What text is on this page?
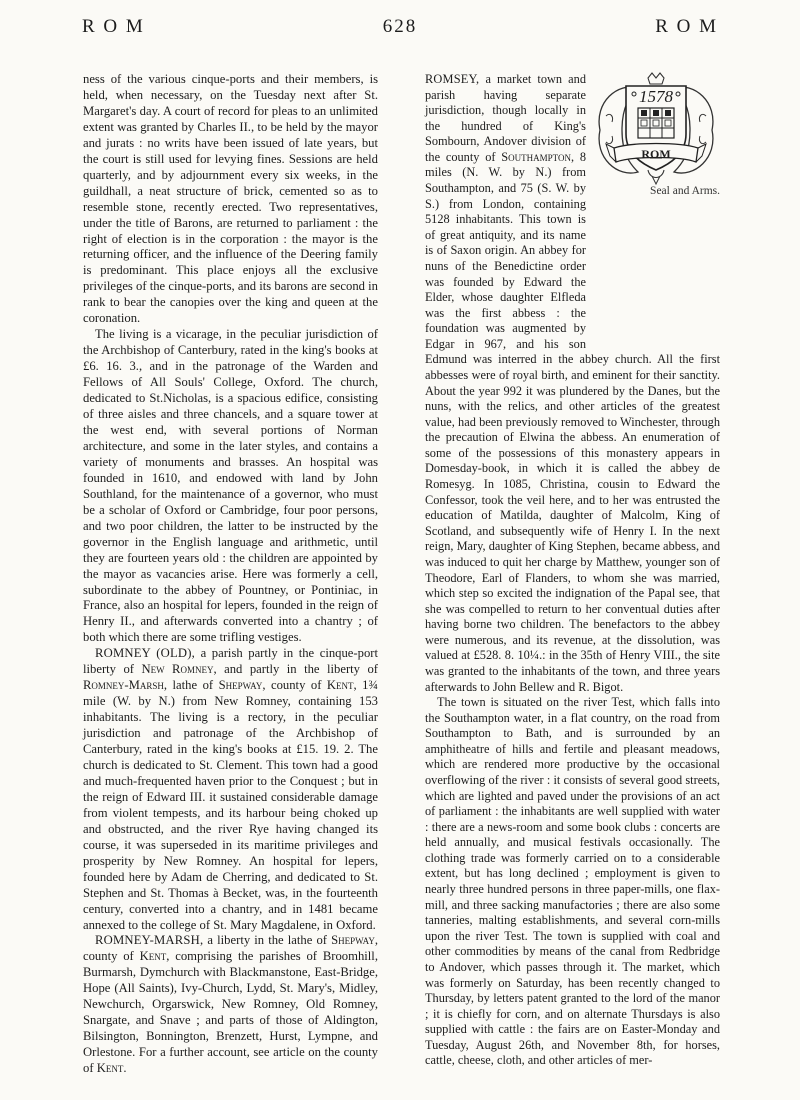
R O M	628	R O M

ness of the various cinque-ports and their members, is held, when necessary, on the Tuesday next after St. Margaret's day. A court of record for pleas to an unlimited extent was granted by Charles II., to be held by the mayor and jurats : no writs have been issued of late years, but the court is still used for levying fines. Sessions are held quarterly, and by adjournment every six weeks, in the guildhall, a neat structure of brick, cemented so as to resemble stone, recently erected. Two representatives, under the title of Barons, are returned to parliament : the right of election is in the corporation : the mayor is the returning officer, and the influence of the Deering family is predominant. This place enjoys all the exclusive privileges of the cinque-ports, and its barons are second in rank to bear the canopies over the king and queen at the coronation.

The living is a vicarage, in the peculiar jurisdiction of the Archbishop of Canterbury, rated in the king's books at £6. 16. 3., and in the patronage of the Warden and Fellows of All Souls' College, Oxford. The church, dedicated to St.Nicholas, is a spacious edifice, consisting of three aisles and three chancels, and a square tower at the west end, with several portions of Norman architecture, and some in the later styles, and contains a variety of monuments and brasses. An hospital was founded in 1610, and endowed with land by John Southland, for the maintenance of a governor, who must be a scholar of Oxford or Cambridge, four poor persons, and two poor children, the latter to be instructed by the governor in the English language and arithmetic, until they are fourteen years old : the children are appointed by the mayor as vacancies arise. Here was formerly a cell, subordinate to the abbey of Pountney, or Pontiniac, in France, also an hospital for lepers, founded in the reign of Henry II., and afterwards converted into a chantry ; of both which there are some trifling vestiges.

ROMNEY (OLD), a parish partly in the cinque-port liberty of New Romney, and partly in the liberty of Romney-Marsh, lathe of Shepway, county of Kent, 1¾ mile (W. by N.) from New Romney, containing 153 inhabitants. The living is a rectory, in the peculiar jurisdiction and patronage of the Archbishop of Canterbury, rated in the king's books at £15. 19. 2. The church is dedicated to St. Clement. This town had a good and much-frequented haven prior to the Conquest ; but in the reign of Edward III. it sustained considerable damage from violent tempests, and its harbour being choked up and obstructed, and the river Rye having changed its course, it was superseded in its maritime privileges and prosperity by New Romney. An hospital for lepers, founded here by Adam de Cherring, and dedicated to St. Stephen and St. Thomas à Becket, was, in the fourteenth century, converted into a chantry, and in 1481 became annexed to the college of St. Mary Magdalene, in Oxford.

ROMNEY-MARSH, a liberty in the lathe of Shepway, county of Kent, comprising the parishes of Broomhill, Burmarsh, Dymchurch with Blackmanstone, East-Bridge, Hope (All Saints), Ivy-Church, Lydd, St. Mary's, Midley, Newchurch, Orgarswick, New Romney, Old Romney, Snargate, and Snave ; and parts of those of Aldington, Bilsington, Bonnington, Brenzett, Hurst, Lympne, and Orlestone. For a further account, see article on the county of Kent.

1578
ROM
Seal and Arms.

ROMSEY, a market town and parish having separate jurisdiction, though locally in the hundred of King's Sombourn, Andover division of the county of Southampton, 8 miles (N. W. by N.) from Southampton, and 75 (S. W. by S.) from London, containing 5128 inhabitants. This town is of great antiquity, and its name is of Saxon origin. An abbey for nuns of the Benedictine order was founded by Edward the Elder, whose daughter Elfleda was the first abbess : the foundation was augmented by Edgar in 967, and his son Edmund was interred in the abbey church. All the first abbesses were of royal birth, and eminent for their sanctity. About the year 992 it was plundered by the Danes, but the nuns, with the relics, and other articles of the greatest value, had been previously removed to Winchester, through the precaution of Elwina the abbess. An enumeration of some of the possessions of this monastery appears in Domesday-book, in which it is called the abbey de Romesyg. In 1085, Christina, cousin to Edward the Confessor, took the veil here, and to her was entrusted the education of Matilda, daughter of Malcolm, King of Scotland, and subsequently wife of Henry I. In the next reign, Mary, daughter of King Stephen, became abbess, and was induced to quit her charge by Matthew, younger son of Theodore, Earl of Flanders, to whom she was married, which step so excited the indignation of the Papal see, that she was compelled to return to her conventual duties after having borne two children. The benefactors to the abbey were numerous, and its revenue, at the dissolution, was valued at £528. 8. 10¼.: in the 35th of Henry VIII., the site was granted to the inhabitants of the town, and three years afterwards to John Bellew and R. Bigot.

The town is situated on the river Test, which falls into the Southampton water, in a flat country, on the road from Southampton to Bath, and is surrounded by an amphitheatre of hills and fertile and pleasant meadows, which are rendered more productive by the occasional overflowing of the river : it consists of several good streets, which are lighted and paved under the provisions of an act of parliament : the inhabitants are well supplied with water : there are a news-room and some book clubs : concerts are held annually, and musical festivals occasionally. The clothing trade was formerly carried on to a considerable extent, but has long declined ; employment is given to nearly three hundred persons in three paper-mills, one flax-mill, and three sacking manufactories ; there are also some tanneries, malting establishments, and several corn-mills upon the river Test. The town is supplied with coal and other commodities by means of the canal from Redbridge to Andover, which passes through it. The market, which was formerly on Saturday, has been recently changed to Thursday, by letters patent granted to the lord of the manor ; it is chiefly for corn, and on alternate Thursdays is also supplied with cattle : the fairs are on Easter-Monday and Tuesday, August 26th, and November 8th, for horses, cattle, cheese, cloth, and other articles of mer-
